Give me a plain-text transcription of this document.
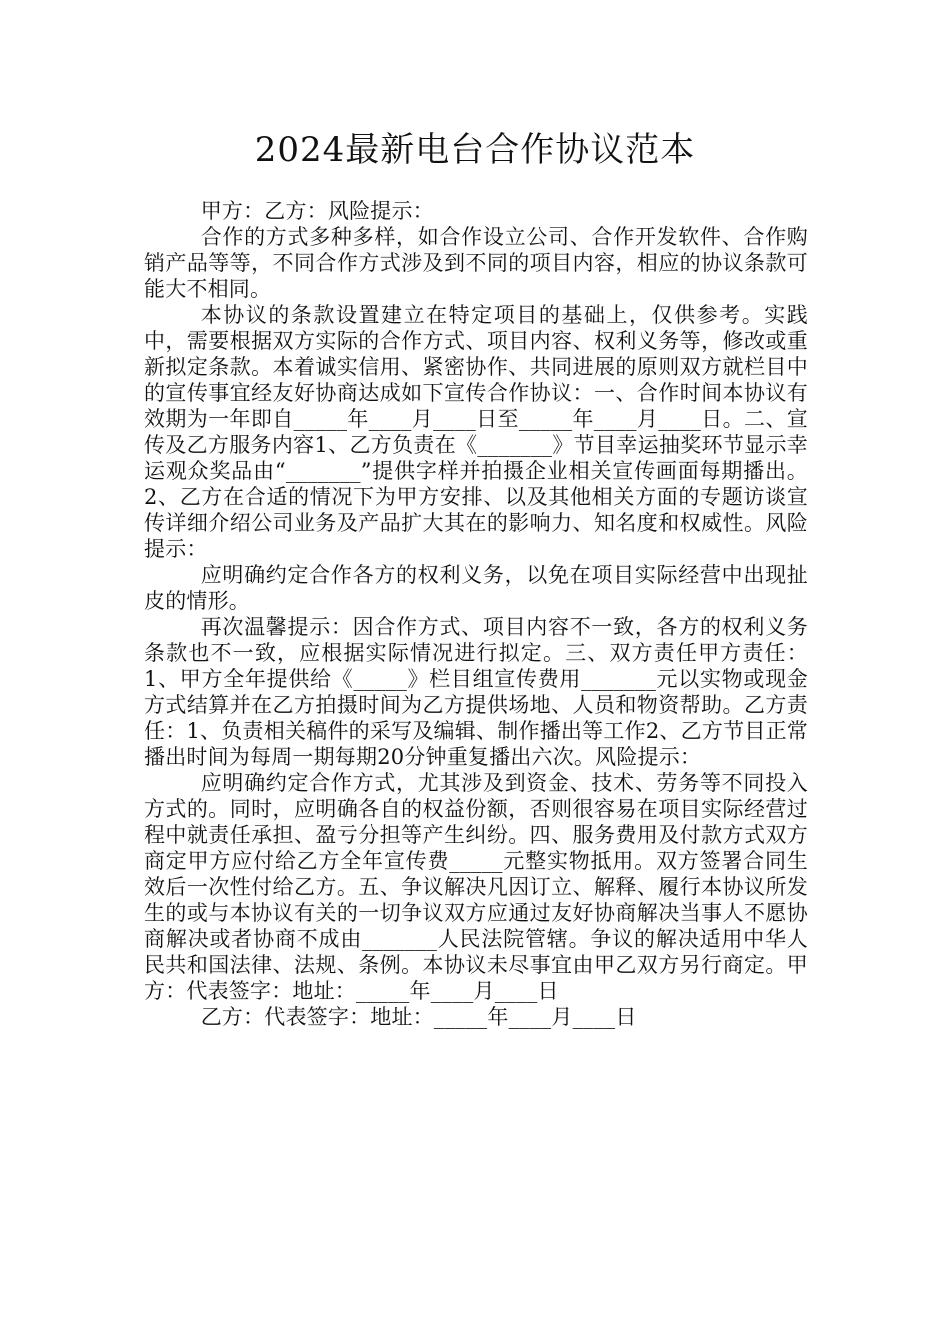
2024最新电台合作协议范本

甲方：乙方：风险提示：

合作的方式多种多样，如合作设立公司、合作开发软件、合作购销产品等等，不同合作方式涉及到不同的项目内容，相应的协议条款可能大不相同。

本协议的条款设置建立在特定项目的基础上，仅供参考。实践中，需要根据双方实际的合作方式、项目内容、权利义务等，修改或重新拟定条款。本着诚实信用、紧密协作、共同进展的原则双方就栏目中的宣传事宜经友好协商达成如下宣传合作协议：一、合作时间本协议有效期为一年即自_____年____月____日至_____年____月____日。二、宣传及乙方服务内容1、乙方负责在《_______》节目幸运抽奖环节显示幸运观众奖品由“_______”提供字样并拍摄企业相关宣传画面每期播出。2、乙方在合适的情况下为甲方安排、以及其他相关方面的专题访谈宣传详细介绍公司业务及产品扩大其在的影响力、知名度和权威性。风险提示：

应明确约定合作各方的权利义务，以免在项目实际经营中出现扯皮的情形。

再次温馨提示：因合作方式、项目内容不一致，各方的权利义务条款也不一致，应根据实际情况进行拟定。三、双方责任甲方责任：1、甲方全年提供给《_____》栏目组宣传费用_______元以实物或现金方式结算并在乙方拍摄时间为乙方提供场地、人员和物资帮助。乙方责任：1、负责相关稿件的采写及编辑、制作播出等工作2、乙方节目正常播出时间为每周一期每期20分钟重复播出六次。风险提示：

应明确约定合作方式，尤其涉及到资金、技术、劳务等不同投入方式的。同时，应明确各自的权益份额，否则很容易在项目实际经营过程中就责任承担、盈亏分担等产生纠纷。四、服务费用及付款方式双方商定甲方应付给乙方全年宣传费_____元整实物抵用。双方签署合同生效后一次性付给乙方。五、争议解决凡因订立、解释、履行本协议所发生的或与本协议有关的一切争议双方应通过友好协商解决当事人不愿协商解决或者协商不成由_______人民法院管辖。争议的解决适用中华人民共和国法律、法规、条例。本协议未尽事宜由甲乙双方另行商定。甲方：代表签字：地址：_____年____月____日

乙方：代表签字：地址：_____年____月____日
